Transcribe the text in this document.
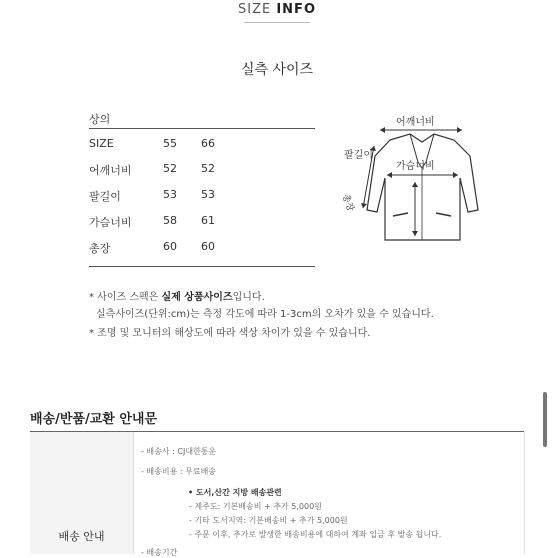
SIZE INFO
실측 사이즈
상의
SIZE	55 66
어깨너비	52 52
팔길이	53 53
가슴너비	58 61
총장	60 60
어깨너비
팔길이
가슴너비
총장
* 사이즈 스펙은 실제 상품사이즈입니다.
실측사이즈(단위:cm)는 측정 각도에 따라 1-3cm의 오차가 있을 수 있습니다.
* 조명 및 모니터의 해상도에 따라 색상 차이가 있을 수 있습니다.
배송/반품/교환 안내문
배송 안내
- 배송사 : CJ대한통운
- 배송비용 : 무료배송
• 도서,산간 지방 배송관련
- 제주도: 기본배송비 + 추가 5,000원
- 기타 도서지역: 기본배송비 + 추가 5,000원
- 주문 이후, 추가로 발생한 배송비용에 대하여 계좌 입금 후 발송 됩니다.
- 배송기간
